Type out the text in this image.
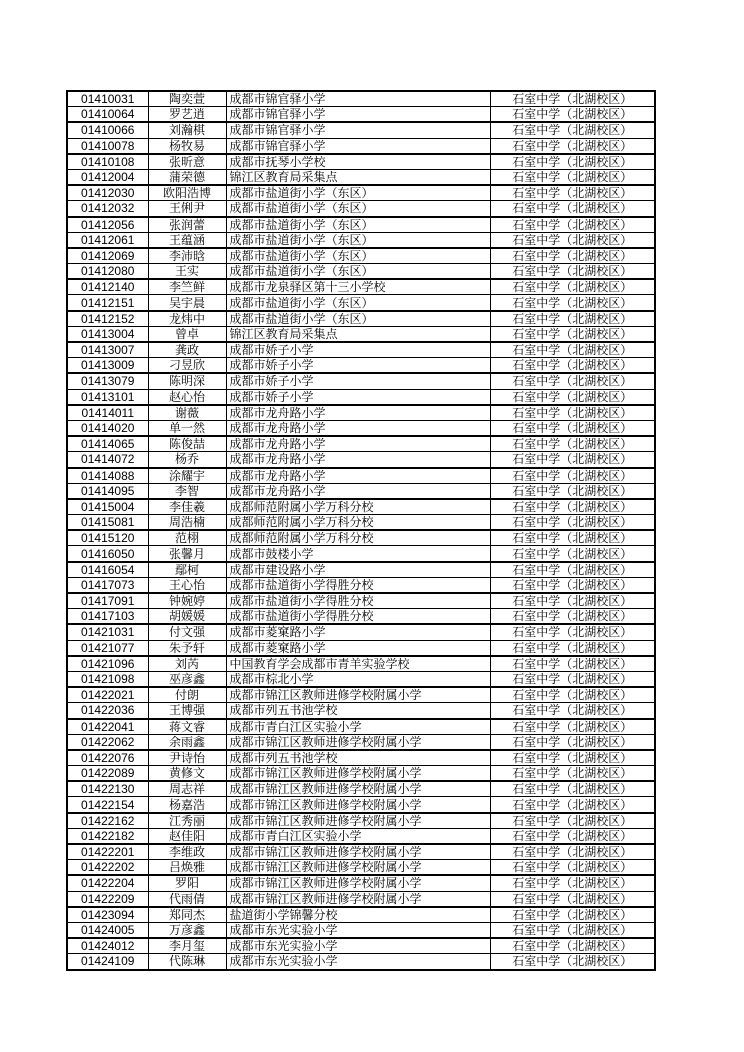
01410031	陶奕萱	成都市锦官驿小学	石室中学（北湖校区）
01410064	罗艺逍	成都市锦官驿小学	石室中学（北湖校区）
01410066	刘瀚棋	成都市锦官驿小学	石室中学（北湖校区）
01410078	杨牧易	成都市锦官驿小学	石室中学（北湖校区）
01410108	张昕意	成都市抚琴小学校	石室中学（北湖校区）
01412004	蒲荣德	锦江区教育局采集点	石室中学（北湖校区）
01412030	欧阳浩博	成都市盐道街小学（东区）	石室中学（北湖校区）
01412032	王俐尹	成都市盐道街小学（东区）	石室中学（北湖校区）
01412056	张润蕾	成都市盐道街小学（东区）	石室中学（北湖校区）
01412061	王蕴涵	成都市盐道街小学（东区）	石室中学（北湖校区）
01412069	李沛晗	成都市盐道街小学（东区）	石室中学（北湖校区）
01412080	王实	成都市盐道街小学（东区）	石室中学（北湖校区）
01412140	李竺鲜	成都市龙泉驿区第十三小学校	石室中学（北湖校区）
01412151	吴宇晨	成都市盐道街小学（东区）	石室中学（北湖校区）
01412152	龙炜中	成都市盐道街小学（东区）	石室中学（北湖校区）
01413004	曾卓	锦江区教育局采集点	石室中学（北湖校区）
01413007	龚政	成都市娇子小学	石室中学（北湖校区）
01413009	刁昱欣	成都市娇子小学	石室中学（北湖校区）
01413079	陈明深	成都市娇子小学	石室中学（北湖校区）
01413101	赵心怡	成都市娇子小学	石室中学（北湖校区）
01414011	谢薇	成都市龙舟路小学	石室中学（北湖校区）
01414020	单一然	成都市龙舟路小学	石室中学（北湖校区）
01414065	陈俊喆	成都市龙舟路小学	石室中学（北湖校区）
01414072	杨乔	成都市龙舟路小学	石室中学（北湖校区）
01414088	涂耀宇	成都市龙舟路小学	石室中学（北湖校区）
01414095	李智	成都市龙舟路小学	石室中学（北湖校区）
01415004	李佳羲	成都师范附属小学万科分校	石室中学（北湖校区）
01415081	周浩楠	成都师范附属小学万科分校	石室中学（北湖校区）
01415120	范栩	成都师范附属小学万科分校	石室中学（北湖校区）
01416050	张馨月	成都市鼓楼小学	石室中学（北湖校区）
01416054	鄢柯	成都市建设路小学	石室中学（北湖校区）
01417073	王心怡	成都市盐道街小学得胜分校	石室中学（北湖校区）
01417091	钟婉婷	成都市盐道街小学得胜分校	石室中学（北湖校区）
01417103	胡媛媛	成都市盐道街小学得胜分校	石室中学（北湖校区）
01421031	付文强	成都市菱窠路小学	石室中学（北湖校区）
01421077	朱予轩	成都市菱窠路小学	石室中学（北湖校区）
01421096	刘芮	中国教育学会成都市青羊实验学校	石室中学（北湖校区）
01421098	巫彦鑫	成都市棕北小学	石室中学（北湖校区）
01422021	付朗	成都市锦江区教师进修学校附属小学	石室中学（北湖校区）
01422036	王博强	成都市列五书池学校	石室中学（北湖校区）
01422041	蒋文睿	成都市青白江区实验小学	石室中学（北湖校区）
01422062	余雨鑫	成都市锦江区教师进修学校附属小学	石室中学（北湖校区）
01422076	尹诗怡	成都市列五书池学校	石室中学（北湖校区）
01422089	黄修文	成都市锦江区教师进修学校附属小学	石室中学（北湖校区）
01422130	周志祥	成都市锦江区教师进修学校附属小学	石室中学（北湖校区）
01422154	杨嘉浩	成都市锦江区教师进修学校附属小学	石室中学（北湖校区）
01422162	江秀丽	成都市锦江区教师进修学校附属小学	石室中学（北湖校区）
01422182	赵佳阳	成都市青白江区实验小学	石室中学（北湖校区）
01422201	李维政	成都市锦江区教师进修学校附属小学	石室中学（北湖校区）
01422202	吕焕雅	成都市锦江区教师进修学校附属小学	石室中学（北湖校区）
01422204	罗阳	成都市锦江区教师进修学校附属小学	石室中学（北湖校区）
01422209	代雨倩	成都市锦江区教师进修学校附属小学	石室中学（北湖校区）
01423094	郑同杰	盐道街小学锦馨分校	石室中学（北湖校区）
01424005	万彦鑫	成都市东光实验小学	石室中学（北湖校区）
01424012	李月玺	成都市东光实验小学	石室中学（北湖校区）
01424109	代陈琳	成都市东光实验小学	石室中学（北湖校区）
